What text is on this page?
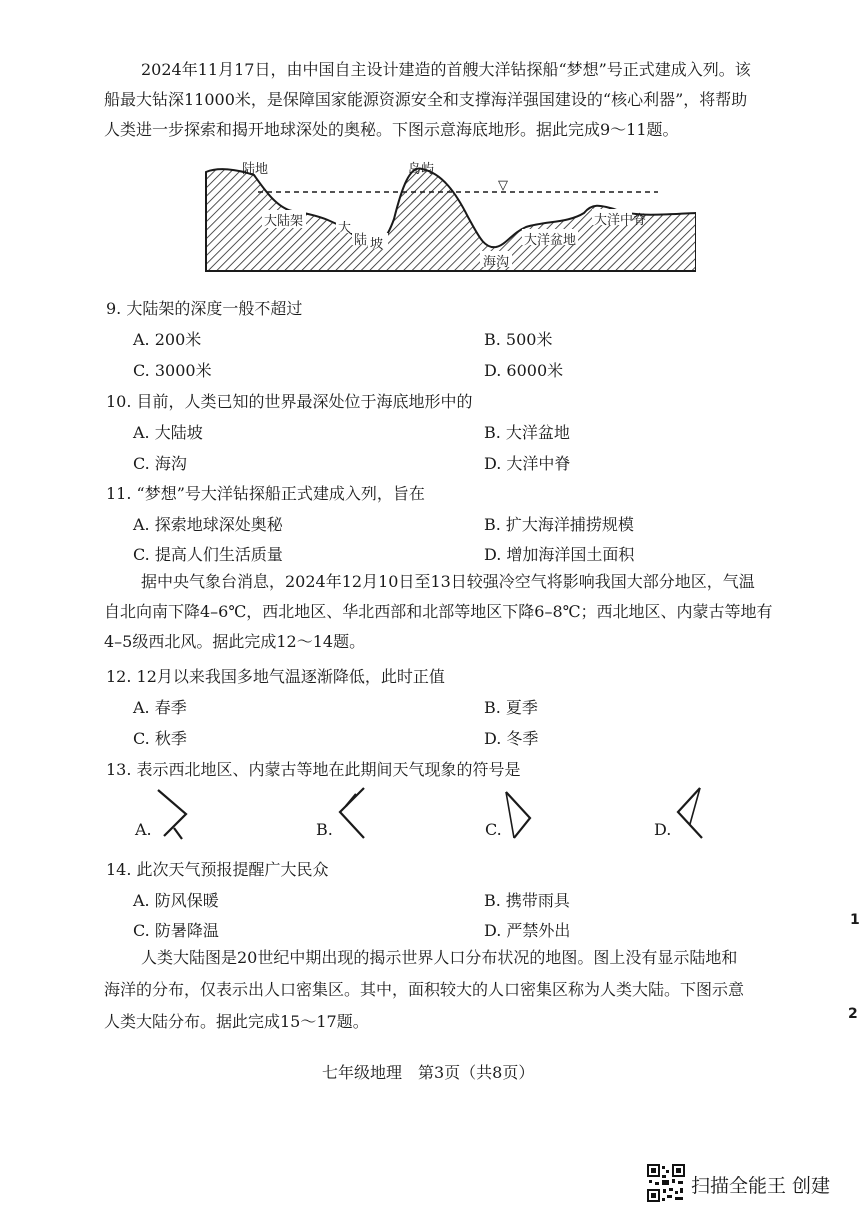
2024年11月17日，由中国自主设计建造的首艘大洋钻探船“梦想”号正式建成入列。该
船最大钻深11000米，是保障国家能源资源安全和支撑海洋强国建设的“核心利器”，将帮助
人类进一步探索和揭开地球深处的奥秘。下图示意海底地形。据此完成9～11题。
陆地	岛屿
▽
大陆架	大
陆 坡
海沟
大洋盆地
大洋中脊
9. 大陆架的深度一般不超过
A. 200米	B. 500米
C. 3000米	D. 6000米
10. 目前，人类已知的世界最深处位于海底地形中的
A. 大陆坡	B. 大洋盆地
C. 海沟	D. 大洋中脊
11. “梦想”号大洋钻探船正式建成入列，旨在
A. 探索地球深处奥秘	B. 扩大海洋捕捞规模
C. 提高人们生活质量	D. 增加海洋国土面积
据中央气象台消息，2024年12月10日至13日较强冷空气将影响我国大部分地区，气温
自北向南下降4–6℃，西北地区、华北西部和北部等地区下降6–8℃；西北地区、内蒙古等地有
4–5级西北风。据此完成12～14题。
12. 12月以来我国多地气温逐渐降低，此时正值
A. 春季	B. 夏季
C. 秋季	D. 冬季
13. 表示西北地区、内蒙古等地在此期间天气现象的符号是
A.	B.	C.	D.
14. 此次天气预报提醒广大民众
A. 防风保暖	B. 携带雨具
C. 防暑降温	D. 严禁外出
人类大陆图是20世纪中期出现的揭示世界人口分布状况的地图。图上没有显示陆地和
海洋的分布，仅表示出人口密集区。其中，面积较大的人口密集区称为人类大陆。下图示意
人类大陆分布。据此完成15～17题。
七年级地理　第3页（共8页）
1
2
扫描全能王 创建
